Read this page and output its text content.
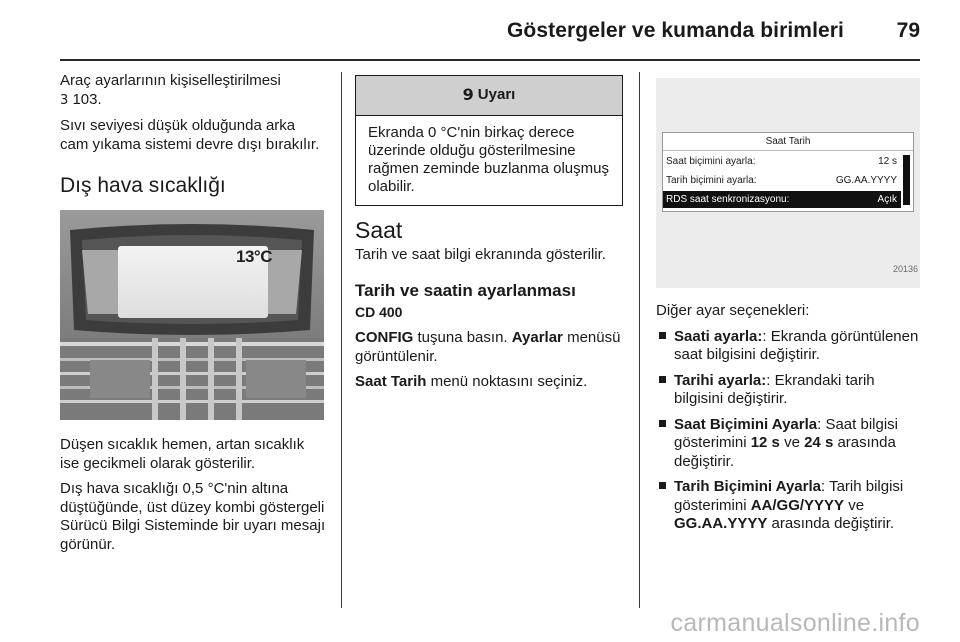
Göstergeler ve kumanda birimleri	79

Araç ayarlarının kişiselleştirilmesi
3 103.

Sıvı seviyesi düşük olduğunda arka cam yıkama sistemi devre dışı bırakılır.

Dış hava sıcaklığı
13°C

Düşen sıcaklık hemen, artan sıcaklık ise gecikmeli olarak gösterilir.

Dış hava sıcaklığı 0,5 °C'nin altına düştüğünde, üst düzey kombi göstergeli Sürücü Bilgi Sisteminde bir uyarı mesajı görünür.

9 Uyarı
Ekranda 0 °C'nin birkaç derece üzerinde olduğu gösterilmesine rağmen zeminde buzlanma oluşmuş olabilir.
Saat

Tarih ve saat bilgi ekranında gösterilir.

Tarih ve saatin ayarlanması
CD 400

CONFIG tuşuna basın. Ayarlar menüsü görüntülenir.

Saat Tarih menü noktasını seçiniz.

Saat Tarih
Saat biçimini ayarla:	12 s
Tarih biçimini ayarla:	GG.AA.YYYY
RDS saat senkronizasyonu:	Açık
20136

Diğer ayar seçenekleri:

Saati ayarla:: Ekranda görüntülenen saat bilgisini değiştirir.
Tarihi ayarla:: Ekrandaki tarih bilgisini değiştirir.
Saat Biçimini Ayarla: Saat bilgisi gösterimini 12 s ve 24 s arasında değiştirir.
Tarih Biçimini Ayarla: Tarih bilgisi gösterimini AA/GG/YYYY ve GG.AA.YYYY arasında değiştirir.
carmanualsonline.info
